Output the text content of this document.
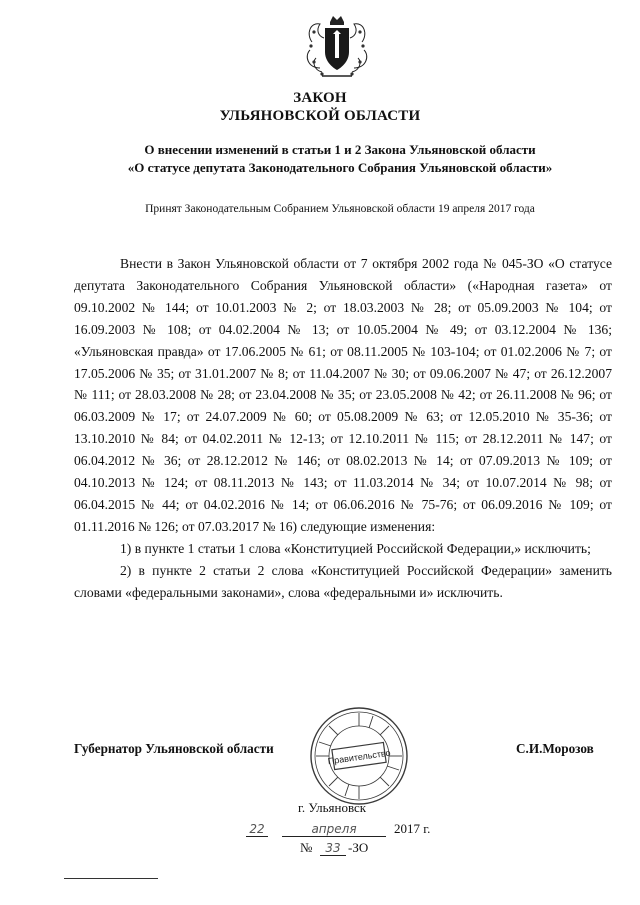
ЗАКОН
УЛЬЯНОВСКОЙ ОБЛАСТИ
О внесении изменений в статьи 1 и 2 Закона Ульяновской области
«О статусе депутата Законодательного Собрания Ульяновской области»
Принят Законодательным Собранием Ульяновской области 19 апреля 2017 года

Внести в Закон Ульяновской области от 7 октября 2002 года № 045-ЗО «О статусе депутата Законодательного Собрания Ульяновской области» («Народная газета» от 09.10.2002 № 144; от 10.01.2003 № 2; от 18.03.2003 № 28; от 05.09.2003 № 104; от 16.09.2003 № 108; от 04.02.2004 № 13; от 10.05.2004 № 49; от 03.12.2004 № 136; «Ульяновская правда» от 17.06.2005 № 61; от 08.11.2005 № 103-104; от 01.02.2006 № 7; от 17.05.2006 № 35; от 31.01.2007 № 8; от 11.04.2007 № 30; от 09.06.2007 № 47; от 26.12.2007 № 111; от 28.03.2008 № 28; от 23.04.2008 № 35; от 23.05.2008 № 42; от 26.11.2008 № 96; от 06.03.2009 № 17; от 24.07.2009 № 60; от 05.08.2009 № 63; от 12.05.2010 № 35-36; от 13.10.2010 № 84; от 04.02.2011 № 12-13; от 12.10.2011 № 115; от 28.12.2011 № 147; от 06.04.2012 № 36; от 28.12.2012 № 146; от 08.02.2013 № 14; от 07.09.2013 № 109; от 04.10.2013 № 124; от 08.11.2013 № 143; от 11.03.2014 № 34; от 10.07.2014 № 98; от 06.04.2015 № 44; от 04.02.2016 № 14; от 06.06.2016 № 75-76; от 06.09.2016 № 109; от 01.11.2016 № 126; от 07.03.2017 № 16) следующие изменения:

1) в пункте 1 статьи 1 слова «Конституцией Российской Федерации,» исключить;

2) в пункте 2 статьи 2 слова «Конституцией Российской Федерации» заменить словами «федеральными законами», слова «федеральными и» исключить.

Губернатор Ульяновской области	С.И.Морозов
Правительство
г. Ульяновск
22	апреля	2017 г.
№	33 -ЗО
